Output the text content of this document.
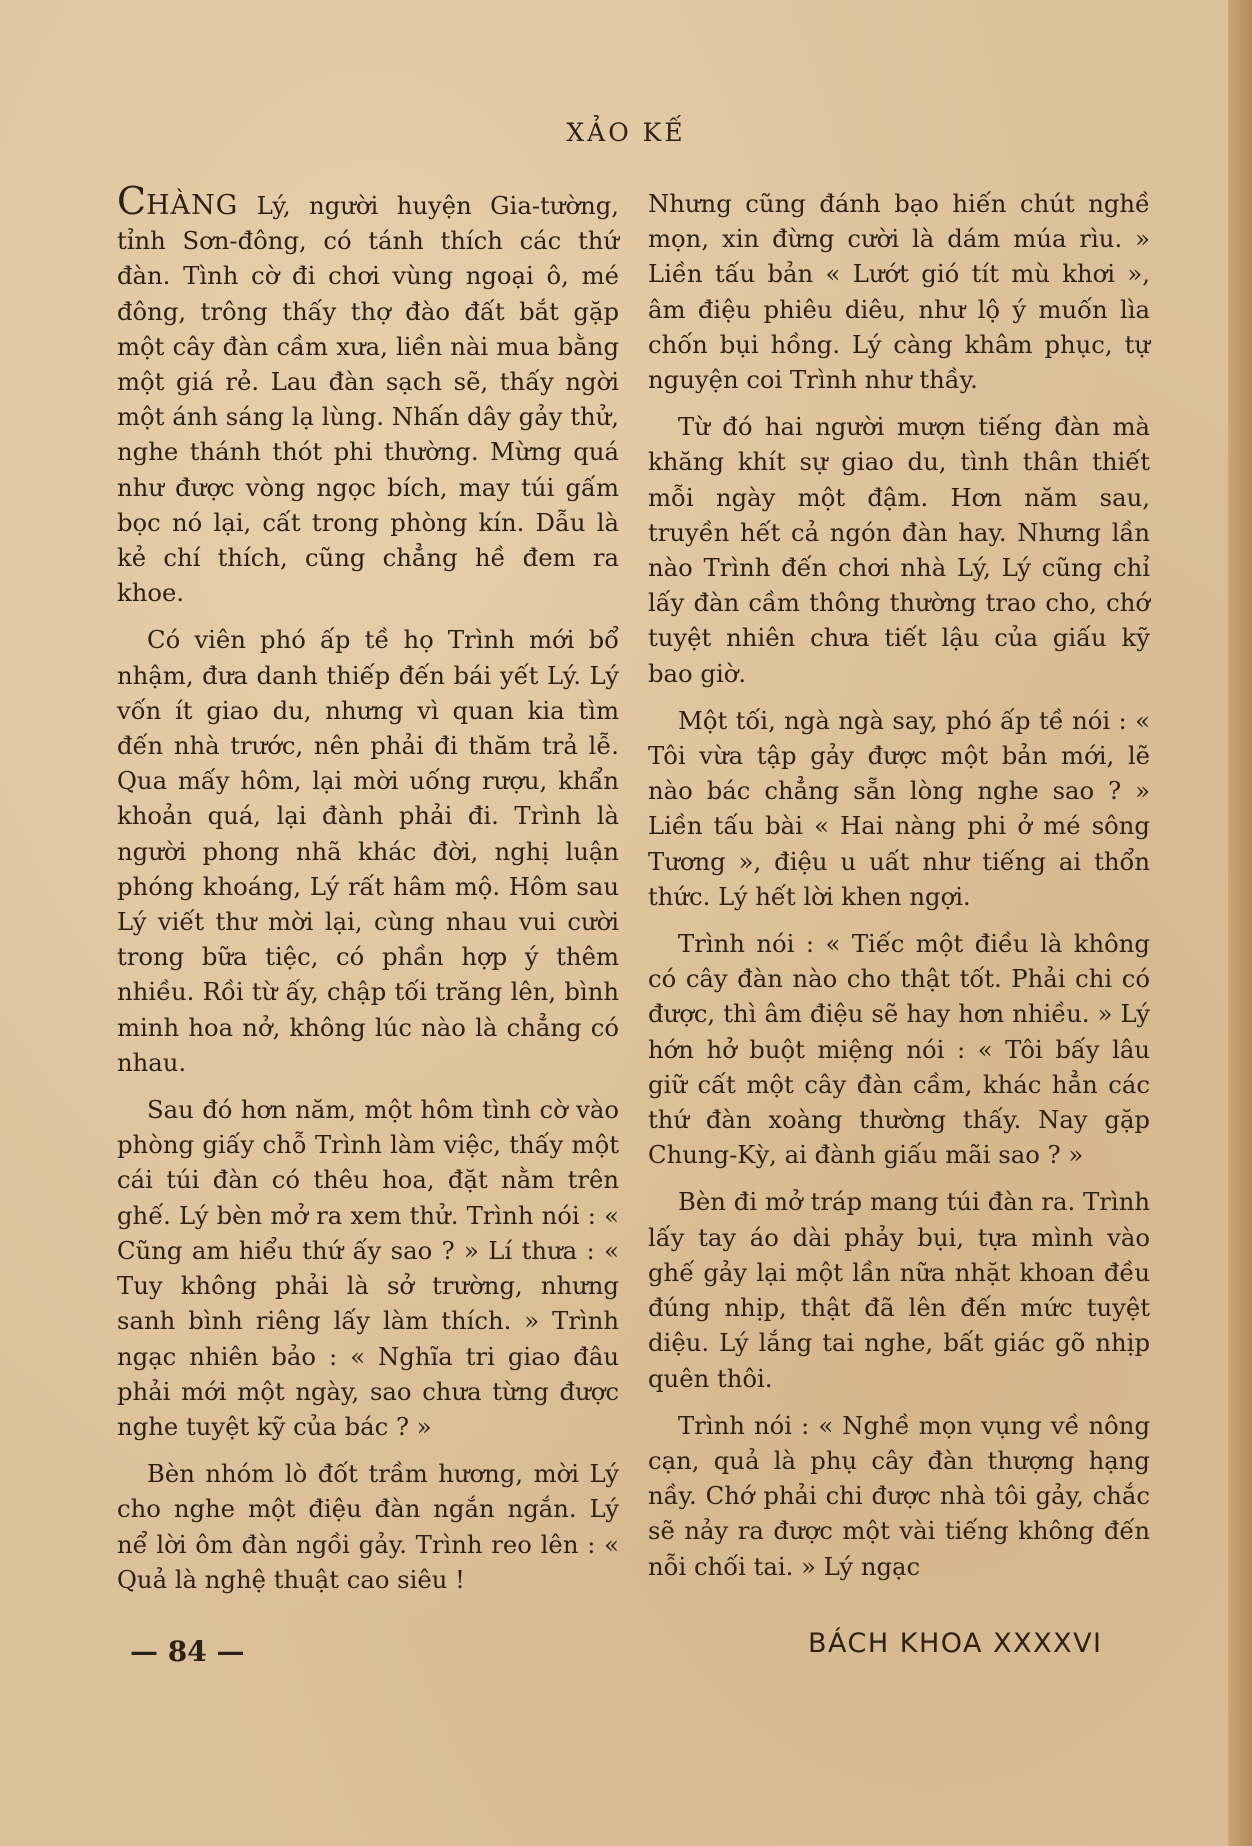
XẢO KẾ

CHÀNG Lý, người huyện Gia-tường, tỉnh Sơn-đông, có tánh thích các thứ đàn. Tình cờ đi chơi vùng ngoại ô, mé đông, trông thấy thợ đào đất bắt gặp một cây đàn cầm xưa, liền nài mua bằng một giá rẻ. Lau đàn sạch sẽ, thấy ngời một ánh sáng lạ lùng. Nhấn dây gảy thử, nghe thánh thót phi thường. Mừng quá như được vòng ngọc bích, may túi gấm bọc nó lại, cất trong phòng kín. Dẫu là kẻ chí thích, cũng chẳng hề đem ra khoe.

Có viên phó ấp tề họ Trình mới bổ nhậm, đưa danh thiếp đến bái yết Lý. Lý vốn ít giao du, nhưng vì quan kia tìm đến nhà trước, nên phải đi thăm trả lễ. Qua mấy hôm, lại mời uống rượu, khẩn khoản quá, lại đành phải đi. Trình là người phong nhã khác đời, nghị luận phóng khoáng, Lý rất hâm mộ. Hôm sau Lý viết thư mời lại, cùng nhau vui cười trong bữa tiệc, có phần hợp ý thêm nhiều. Rồi từ ấy, chập tối trăng lên, bình minh hoa nở, không lúc nào là chẳng có nhau.

Sau đó hơn năm, một hôm tình cờ vào phòng giấy chỗ Trình làm việc, thấy một cái túi đàn có thêu hoa, đặt nằm trên ghế. Lý bèn mở ra xem thử. Trình nói : « Cũng am hiểu thứ ấy sao ? » Lí thưa : « Tuy không phải là sở trường, nhưng sanh bình riêng lấy làm thích. » Trình ngạc nhiên bảo : « Nghĩa tri giao đâu phải mới một ngày, sao chưa từng được nghe tuyệt kỹ của bác ? »

Bèn nhóm lò đốt trầm hương, mời Lý cho nghe một điệu đàn ngắn ngắn. Lý nể lời ôm đàn ngồi gảy. Trình reo lên : « Quả là nghệ thuật cao siêu !

Nhưng cũng đánh bạo hiến chút nghề mọn, xin đừng cười là dám múa rìu. » Liền tấu bản « Lướt gió tít mù khơi », âm điệu phiêu diêu, như lộ ý muốn lìa chốn bụi hồng. Lý càng khâm phục, tự nguyện coi Trình như thầy.

Từ đó hai người mượn tiếng đàn mà khăng khít sự giao du, tình thân thiết mỗi ngày một đậm. Hơn năm sau, truyền hết cả ngón đàn hay. Nhưng lần nào Trình đến chơi nhà Lý, Lý cũng chỉ lấy đàn cầm thông thường trao cho, chớ tuyệt nhiên chưa tiết lậu của giấu kỹ bao giờ.

Một tối, ngà ngà say, phó ấp tề nói : « Tôi vừa tập gảy được một bản mới, lẽ nào bác chẳng sẵn lòng nghe sao ? » Liền tấu bài « Hai nàng phi ở mé sông Tương », điệu u uất như tiếng ai thổn thức. Lý hết lời khen ngợi.

Trình nói : « Tiếc một điều là không có cây đàn nào cho thật tốt. Phải chi có được, thì âm điệu sẽ hay hơn nhiều. » Lý hớn hở buột miệng nói : « Tôi bấy lâu giữ cất một cây đàn cầm, khác hẳn các thứ đàn xoàng thường thấy. Nay gặp Chung-Kỳ, ai đành giấu mãi sao ? »

Bèn đi mở tráp mang túi đàn ra. Trình lấy tay áo dài phảy bụi, tựa mình vào ghế gảy lại một lần nữa nhặt khoan đều đúng nhịp, thật đã lên đến mức tuyệt diệu. Lý lắng tai nghe, bất giác gõ nhịp quên thôi.

Trình nói : « Nghề mọn vụng về nông cạn, quả là phụ cây đàn thượng hạng nầy. Chớ phải chi được nhà tôi gảy, chắc sẽ nảy ra được một vài tiếng không đến nỗi chối tai. » Lý ngạc

— 84 —	BÁCH KHOA XXXXVI
